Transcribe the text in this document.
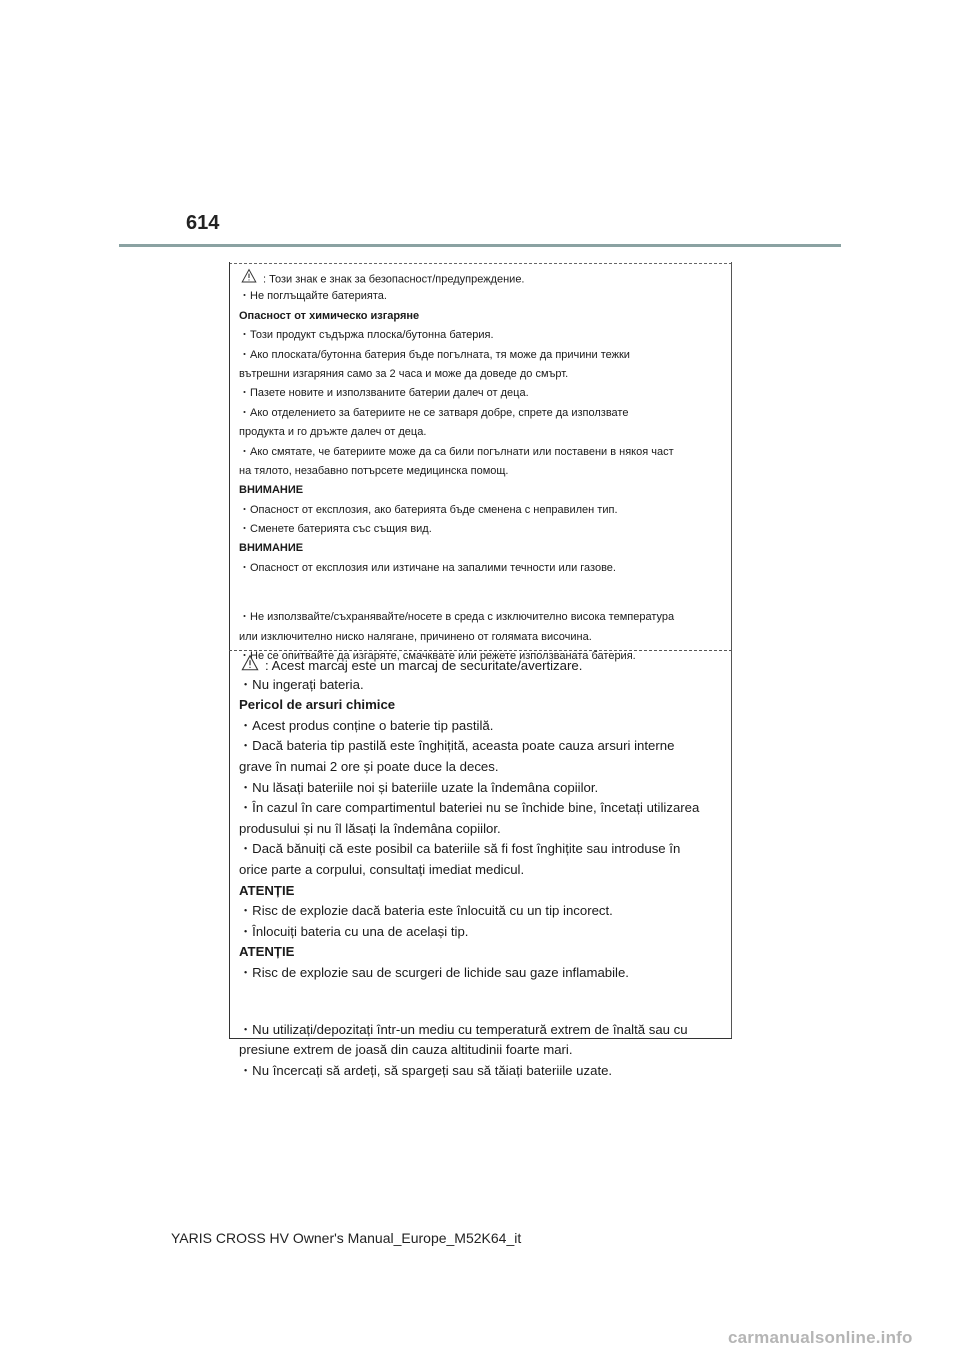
614
: Този знак е знак за безопасност/предупреждение.
・Не поглъщайте батерията.
Опасност от химическо изгаряне
・Този продукт съдържа плоска/бутонна батерия.
・Ако плоската/бутонна батерия бъде погълната, тя може да причини тежки
вътрешни изгаряния само за 2 часа и може да доведе до смърт.
・Пазете новите и използваните батерии далеч от деца.
・Ако отделението за батериите не се затваря добре, спрете да използвате
продукта и го дръжте далеч от деца.
・Ако смятате, че батериите може да са били погълнати или поставени в някоя част
на тялото, незабавно потърсете медицинска помощ.
ВНИМАНИЕ
・Опасност от експлозия, ако батерията бъде сменена с неправилен тип.
・Сменете батерията със същия вид.
ВНИМАНИЕ
・Опасност от експлозия или изтичане на запалими течности или газове.
・Не използвайте/съхранявайте/носете в среда с изключително висока температура
или изключително ниско налягане, причинено от голямата височина.
・Не се опитвайте да изгаряте, смачквате или режете използваната батерия.
: Acest marcaj este un marcaj de securitate/avertizare.
・Nu ingerați bateria.
Pericol de arsuri chimice
・Acest produs conține o baterie tip pastilă.
・Dacă bateria tip pastilă este înghițită, aceasta poate cauza arsuri interne
grave în numai 2 ore și poate duce la deces.
・Nu lăsați bateriile noi și bateriile uzate la îndemâna copiilor.
・În cazul în care compartimentul bateriei nu se închide bine, încetați utilizarea
produsului și nu îl lăsați la îndemâna copiilor.
・Dacă bănuiți că este posibil ca bateriile să fi fost înghițite sau introduse în
orice parte a corpului, consultați imediat medicul.
ATENȚIE
・Risc de explozie dacă bateria este înlocuită cu un tip incorect.
・Înlocuiți bateria cu una de același tip.
ATENȚIE
・Risc de explozie sau de scurgeri de lichide sau gaze inflamabile.
・Nu utilizați/depozitați într-un mediu cu temperatură extrem de înaltă sau cu
presiune extrem de joasă din cauza altitudinii foarte mari.
・Nu încercați să ardeți, să spargeți sau să tăiați bateriile uzate.
YARIS CROSS HV Owner's Manual_Europe_M52K64_it
carmanualsonline.info
